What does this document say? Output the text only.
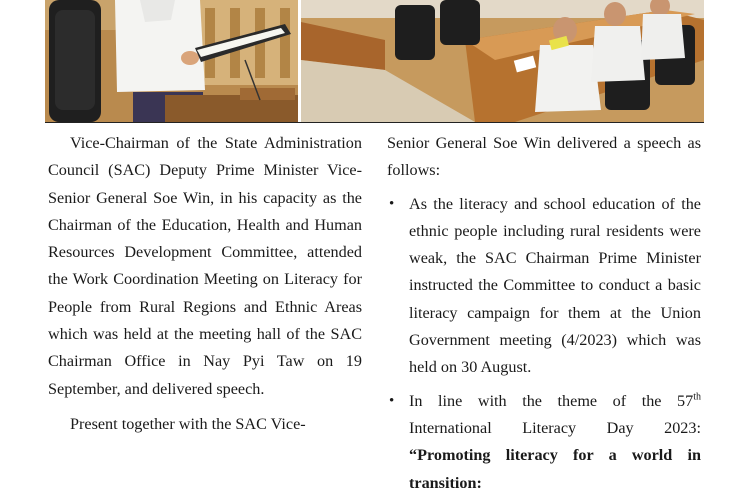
Vice-Chairman of the State Administration Council (SAC) Deputy Prime Minister Vice-Senior General Soe Win, in his capacity as the Chairman of the Education, Health and Human Resources Development Committee, attended the Work Coordination Meeting on Literacy for People from Rural Regions and Ethnic Areas which was held at the meeting hall of the SAC Chairman Office in Nay Pyi Taw on 19 September, and delivered speech.

Present together with the SAC Vice-

Senior General Soe Win delivered a speech as follows:

• As the literacy and school education of the ethnic people including rural residents were weak, the SAC Chairman Prime Minister instructed the Committee to conduct a basic literacy campaign for them at the Union Government meeting (4/2023) which was held on 30 August.
• In line with the theme of the 57th International Literacy Day 2023: “Promoting literacy for a world in transition:
